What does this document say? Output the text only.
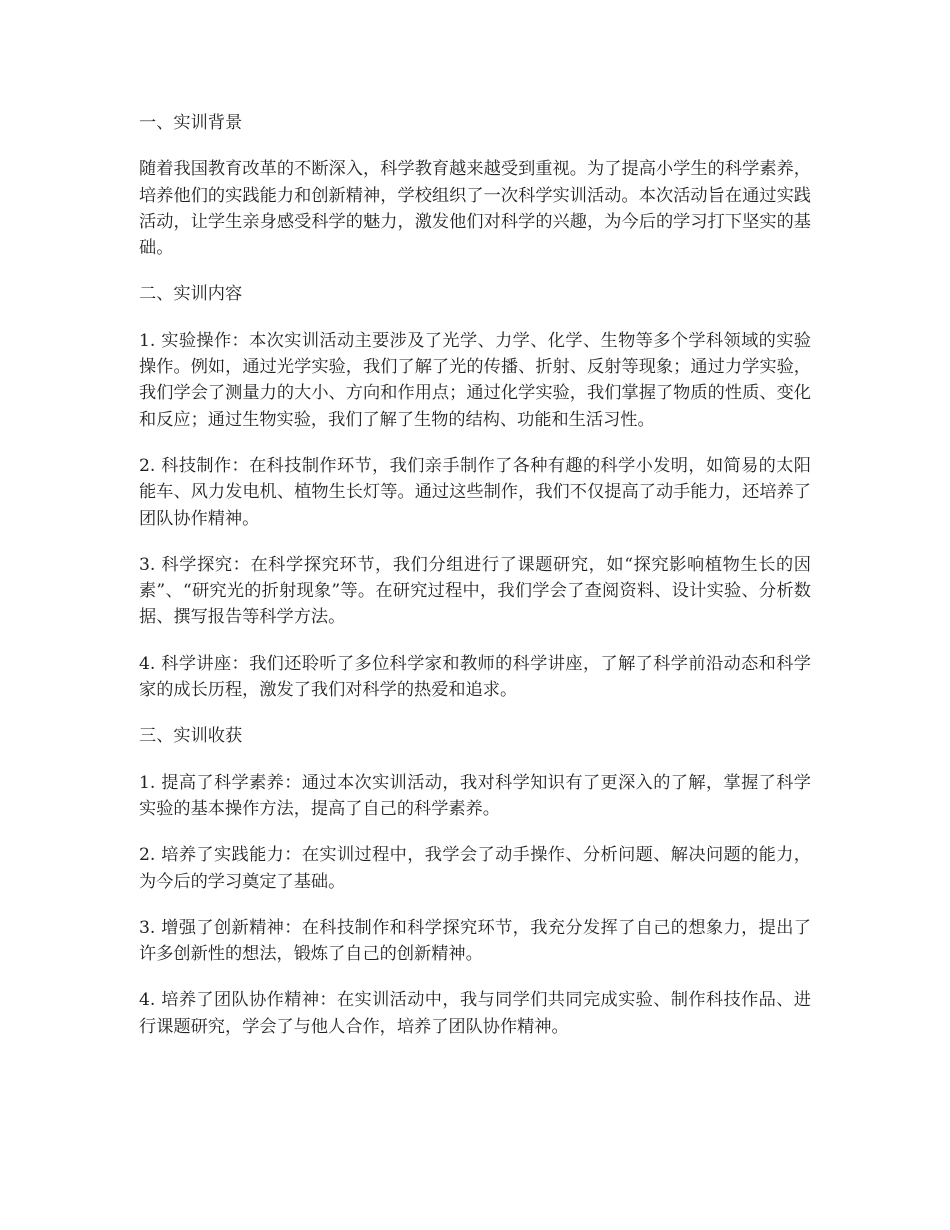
一、实训背景

随着我国教育改革的不断深入，科学教育越来越受到重视。为了提高小学生的科学素养，培养他们的实践能力和创新精神，学校组织了一次科学实训活动。本次活动旨在通过实践活动，让学生亲身感受科学的魅力，激发他们对科学的兴趣，为今后的学习打下坚实的基础。

二、实训内容

1. 实验操作：本次实训活动主要涉及了光学、力学、化学、生物等多个学科领域的实验操作。例如，通过光学实验，我们了解了光的传播、折射、反射等现象；通过力学实验，我们学会了测量力的大小、方向和作用点；通过化学实验，我们掌握了物质的性质、变化和反应；通过生物实验，我们了解了生物的结构、功能和生活习性。

2. 科技制作：在科技制作环节，我们亲手制作了各种有趣的科学小发明，如简易的太阳能车、风力发电机、植物生长灯等。通过这些制作，我们不仅提高了动手能力，还培养了团队协作精神。

3. 科学探究：在科学探究环节，我们分组进行了课题研究，如“探究影响植物生长的因素”、“研究光的折射现象”等。在研究过程中，我们学会了查阅资料、设计实验、分析数据、撰写报告等科学方法。

4. 科学讲座：我们还聆听了多位科学家和教师的科学讲座，了解了科学前沿动态和科学家的成长历程，激发了我们对科学的热爱和追求。

三、实训收获

1. 提高了科学素养：通过本次实训活动，我对科学知识有了更深入的了解，掌握了科学实验的基本操作方法，提高了自己的科学素养。

2. 培养了实践能力：在实训过程中，我学会了动手操作、分析问题、解决问题的能力，为今后的学习奠定了基础。

3. 增强了创新精神：在科技制作和科学探究环节，我充分发挥了自己的想象力，提出了许多创新性的想法，锻炼了自己的创新精神。

4. 培养了团队协作精神：在实训活动中，我与同学们共同完成实验、制作科技作品、进行课题研究，学会了与他人合作，培养了团队协作精神。
